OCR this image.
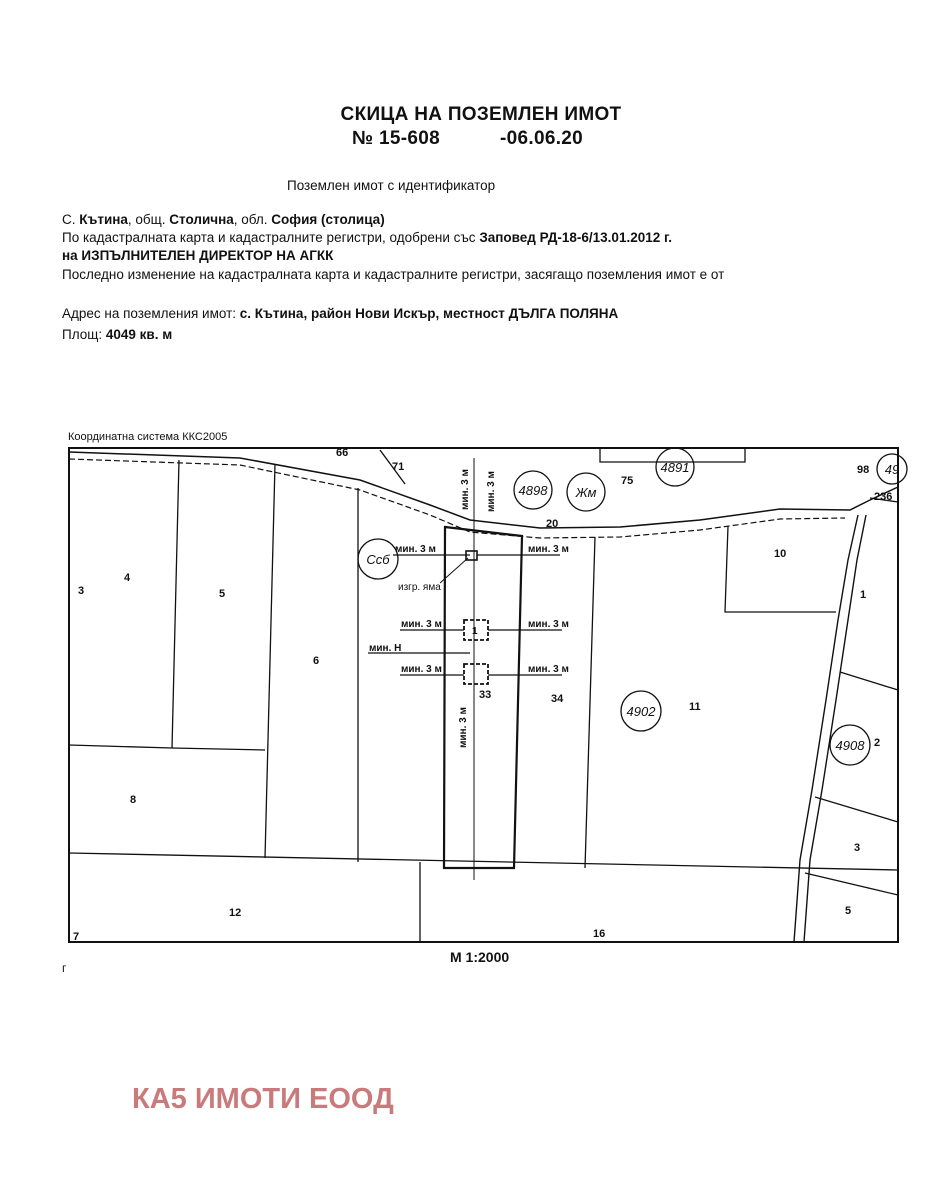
СКИЦА НА ПОЗЕМЛЕН ИМОТ
№ 15-608	-06.06.20
Поземлен имот с идентификатор
С. Кътина, общ. Столична, обл. София (столица)
По кадастралната карта и кадастралните регистри, одобрени със Заповед РД-18-6/13.01.2012 г.
на ИЗПЪЛНИТЕЛЕН ДИРЕКТОР НА АГКК
Последно изменение на кадастралната карта и кадастралните регистри, засягащо поземления имот е от
Адрес на поземления имот: с. Кътина, район Нови Искър, местност ДЪЛГА ПОЛЯНА
Площ: 4049 кв. м
Координатна система ККС2005
3
4
5
6
8
12
16
10
1
11
2
3
5
33	34
20
75
98
236
71
66
7
4898 Жм
4891
Ссб
4902
4908
49
мин. 3 м	мин. 3 м
мин. 3 м	мин. 3 м
мин. 3 м	мин. 3 м
мин. 3 м мин. 3 м
мин. 3 м
мин. Н
изгр. яма
1
М 1:2000
г
КА5 ИМОТИ ЕООД
